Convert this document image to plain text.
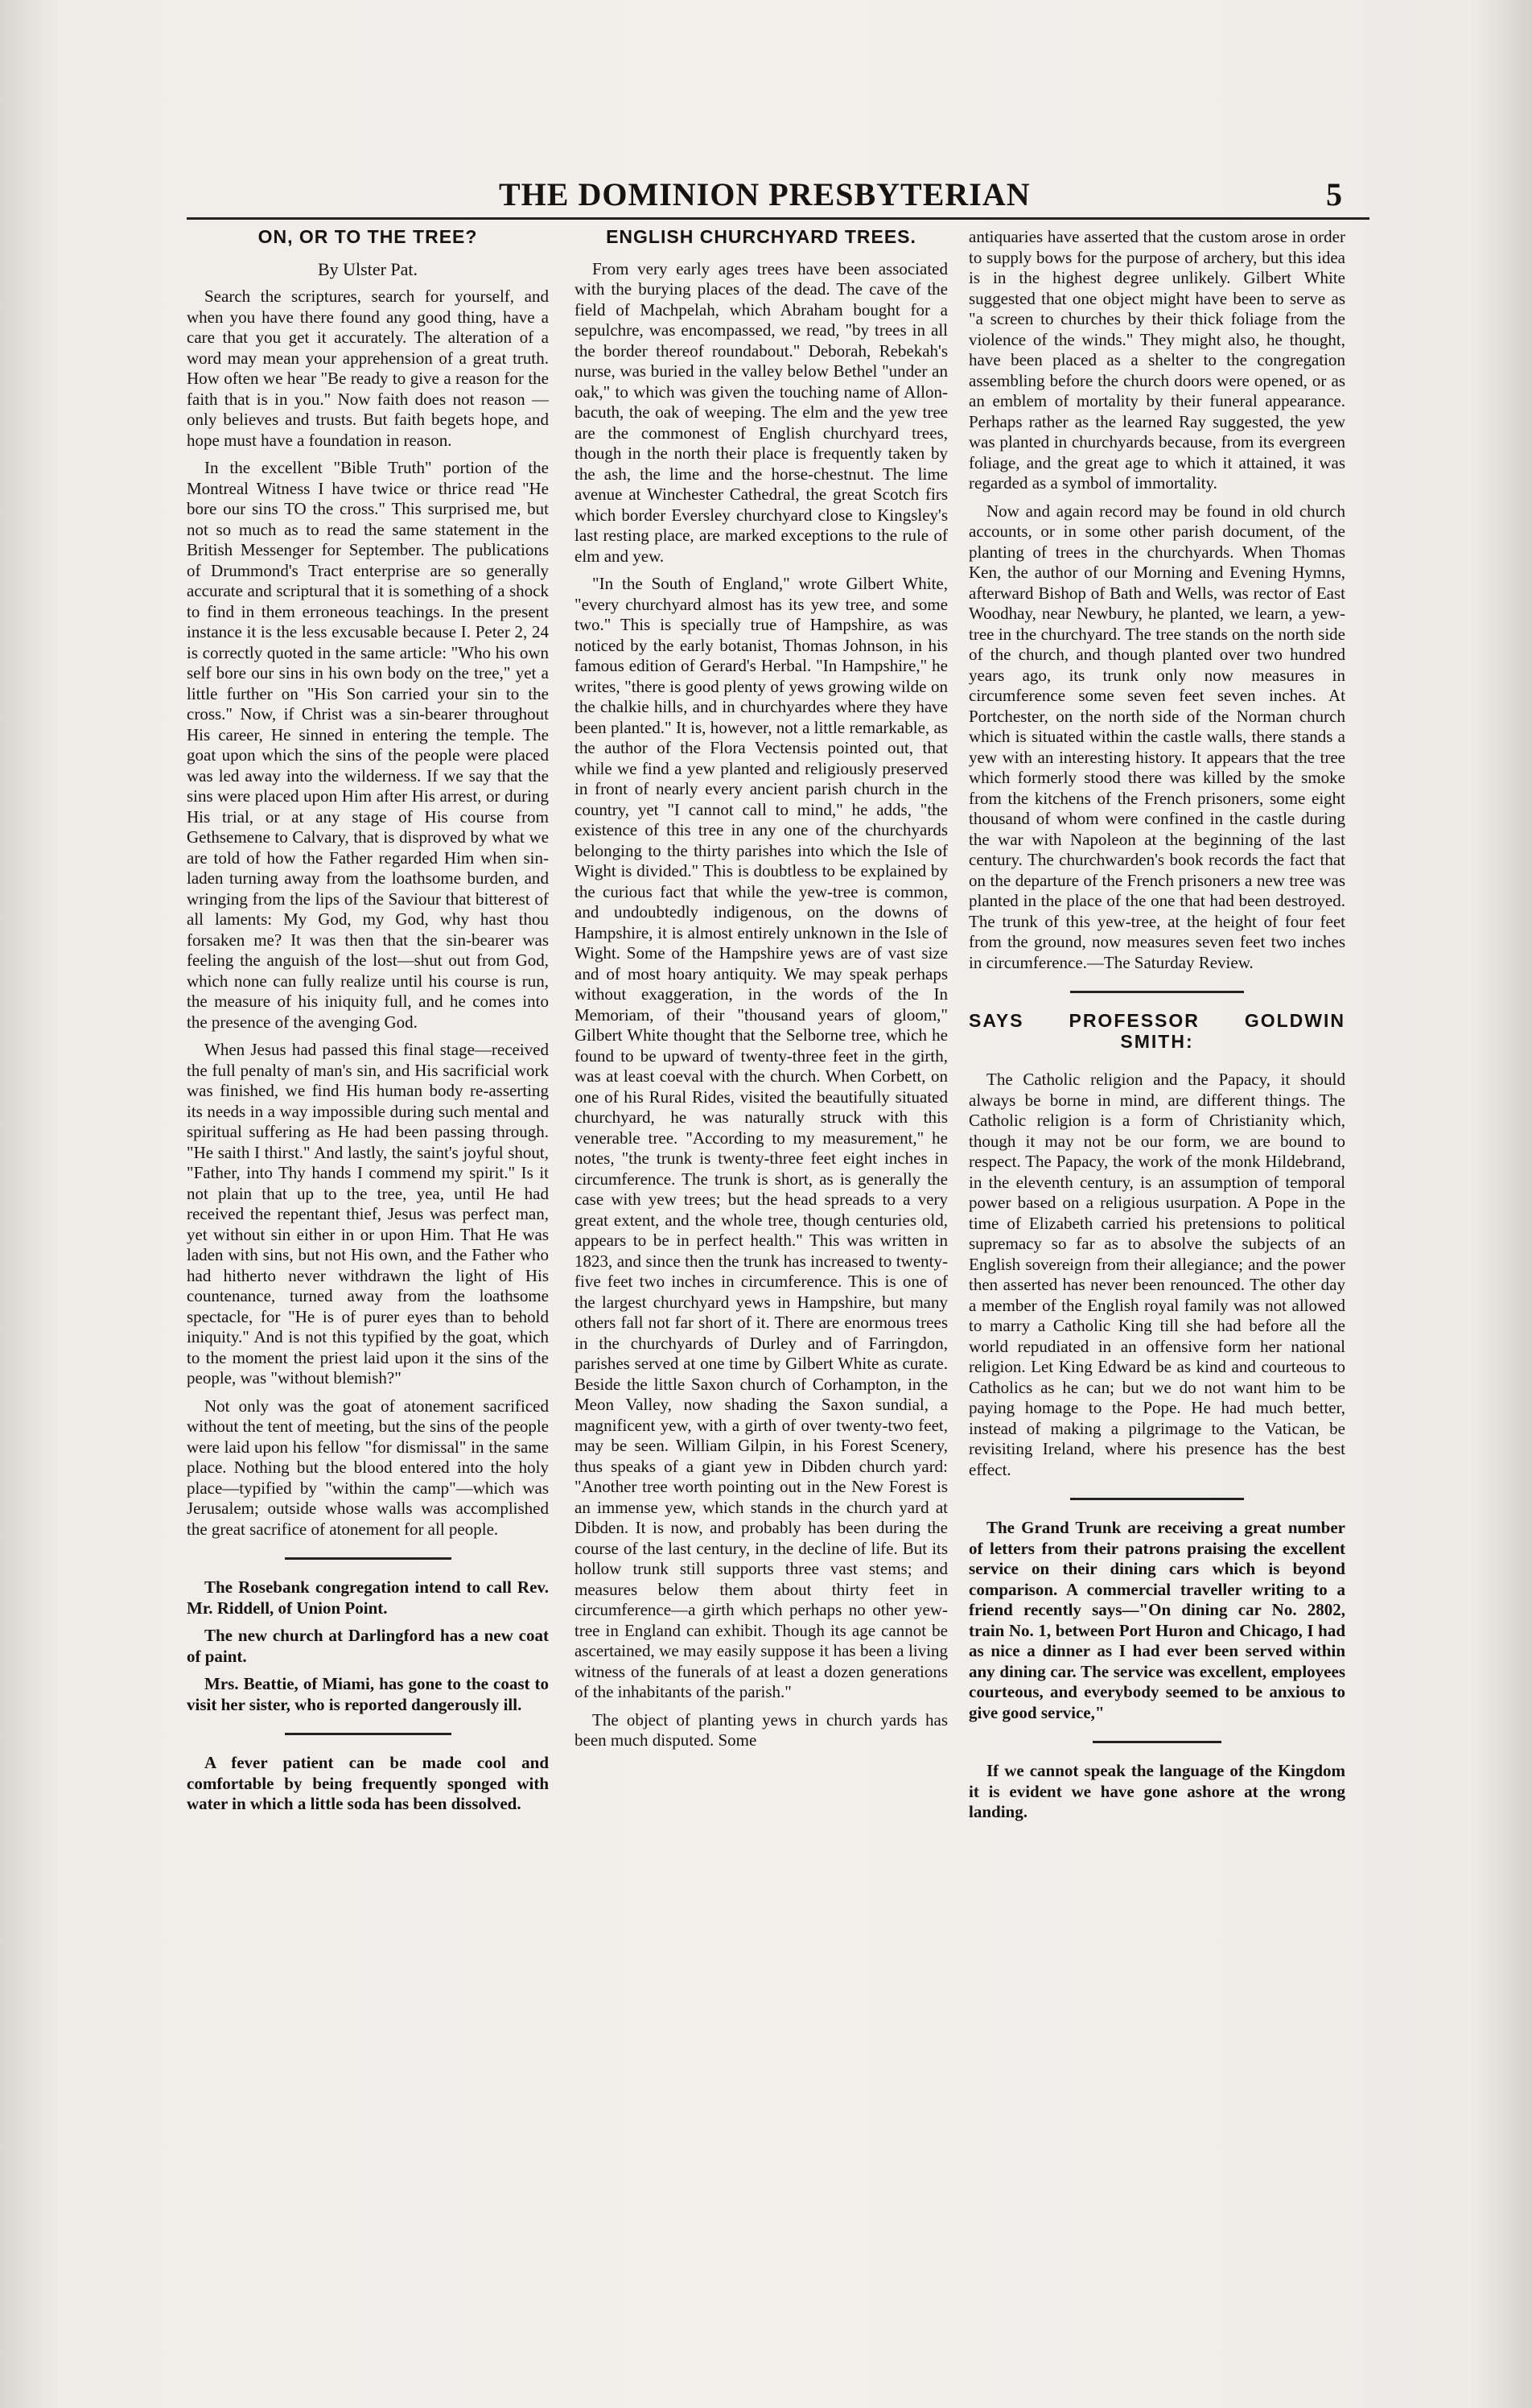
THE DOMINION PRESBYTERIAN	5
ON, OR TO THE TREE?

By Ulster Pat.

Search the scriptures, search for yourself, and when you have there found any good thing, have a care that you get it accurately. The alteration of a word may mean your apprehension of a great truth. How often we hear "Be ready to give a reason for the faith that is in you." Now faith does not reason —only believes and trusts. But faith begets hope, and hope must have a foundation in reason.

In the excellent "Bible Truth" portion of the Montreal Witness I have twice or thrice read "He bore our sins TO the cross." This surprised me, but not so much as to read the same statement in the British Messenger for September. The publications of Drummond's Tract enterprise are so generally accurate and scriptural that it is something of a shock to find in them erroneous teachings. In the present instance it is the less excusable because I. Peter 2, 24 is correctly quoted in the same article: "Who his own self bore our sins in his own body on the tree," yet a little further on "His Son carried your sin to the cross." Now, if Christ was a sin-bearer throughout His career, He sinned in entering the temple. The goat upon which the sins of the people were placed was led away into the wilderness. If we say that the sins were placed upon Him after His arrest, or during His trial, or at any stage of His course from Gethsemene to Calvary, that is disproved by what we are told of how the Father regarded Him when sin-laden turning away from the loathsome burden, and wringing from the lips of the Saviour that bitterest of all laments: My God, my God, why hast thou forsaken me? It was then that the sin-bearer was feeling the anguish of the lost—shut out from God, which none can fully realize until his course is run, the measure of his iniquity full, and he comes into the presence of the avenging God.

When Jesus had passed this final stage—received the full penalty of man's sin, and His sacrificial work was finished, we find His human body re-asserting its needs in a way impossible during such mental and spiritual suffering as He had been passing through. "He saith I thirst." And lastly, the saint's joyful shout, "Father, into Thy hands I commend my spirit." Is it not plain that up to the tree, yea, until He had received the repentant thief, Jesus was perfect man, yet without sin either in or upon Him. That He was laden with sins, but not His own, and the Father who had hitherto never withdrawn the light of His countenance, turned away from the loathsome spectacle, for "He is of purer eyes than to behold iniquity." And is not this typified by the goat, which to the moment the priest laid upon it the sins of the people, was "without blemish?"

Not only was the goat of atonement sacrificed without the tent of meeting, but the sins of the people were laid upon his fellow "for dismissal" in the same place. Nothing but the blood entered into the holy place—typified by "within the camp"—which was Jerusalem; outside whose walls was accomplished the great sacrifice of atonement for all people.

The Rosebank congregation intend to call Rev. Mr. Riddell, of Union Point.

The new church at Darlingford has a new coat of paint.

Mrs. Beattie, of Miami, has gone to the coast to visit her sister, who is reported dangerously ill.

A fever patient can be made cool and comfortable by being frequently sponged with water in which a little soda has been dissolved.

ENGLISH CHURCHYARD TREES.

From very early ages trees have been associated with the burying places of the dead. The cave of the field of Machpelah, which Abraham bought for a sepulchre, was encompassed, we read, "by trees in all the border thereof roundabout." Deborah, Rebekah's nurse, was buried in the valley below Bethel "under an oak," to which was given the touching name of Allon-bacuth, the oak of weeping. The elm and the yew tree are the commonest of English churchyard trees, though in the north their place is frequently taken by the ash, the lime and the horse-chestnut. The lime avenue at Winchester Cathedral, the great Scotch firs which border Eversley churchyard close to Kingsley's last resting place, are marked exceptions to the rule of elm and yew.

"In the South of England," wrote Gilbert White, "every churchyard almost has its yew tree, and some two." This is specially true of Hampshire, as was noticed by the early botanist, Thomas Johnson, in his famous edition of Gerard's Herbal. "In Hampshire," he writes, "there is good plenty of yews growing wilde on the chalkie hills, and in churchyardes where they have been planted." It is, however, not a little remarkable, as the author of the Flora Vectensis pointed out, that while we find a yew planted and religiously preserved in front of nearly every ancient parish church in the country, yet "I cannot call to mind," he adds, "the existence of this tree in any one of the churchyards belonging to the thirty parishes into which the Isle of Wight is divided." This is doubtless to be explained by the curious fact that while the yew-tree is common, and undoubtedly indigenous, on the downs of Hampshire, it is almost entirely unknown in the Isle of Wight. Some of the Hampshire yews are of vast size and of most hoary antiquity. We may speak perhaps without exaggeration, in the words of the In Memoriam, of their "thousand years of gloom," Gilbert White thought that the Selborne tree, which he found to be upward of twenty-three feet in the girth, was at least coeval with the church. When Corbett, on one of his Rural Rides, visited the beautifully situated churchyard, he was naturally struck with this venerable tree. "According to my measurement," he notes, "the trunk is twenty-three feet eight inches in circumference. The trunk is short, as is generally the case with yew trees; but the head spreads to a very great extent, and the whole tree, though centuries old, appears to be in perfect health." This was written in 1823, and since then the trunk has increased to twenty-five feet two inches in circumference. This is one of the largest churchyard yews in Hampshire, but many others fall not far short of it. There are enormous trees in the churchyards of Durley and of Farringdon, parishes served at one time by Gilbert White as curate. Beside the little Saxon church of Corhampton, in the Meon Valley, now shading the Saxon sundial, a magnificent yew, with a girth of over twenty-two feet, may be seen. William Gilpin, in his Forest Scenery, thus speaks of a giant yew in Dibden church yard: "Another tree worth pointing out in the New Forest is an immense yew, which stands in the church yard at Dibden. It is now, and probably has been during the course of the last century, in the decline of life. But its hollow trunk still supports three vast stems; and measures below them about thirty feet in circumference—a girth which perhaps no other yew-tree in England can exhibit. Though its age cannot be ascertained, we may easily suppose it has been a living witness of the funerals of at least a dozen generations of the inhabitants of the parish."

The object of planting yews in church yards has been much disputed. Some

antiquaries have asserted that the custom arose in order to supply bows for the purpose of archery, but this idea is in the highest degree unlikely. Gilbert White suggested that one object might have been to serve as "a screen to churches by their thick foliage from the violence of the winds." They might also, he thought, have been placed as a shelter to the congregation assembling before the church doors were opened, or as an emblem of mortality by their funeral appearance. Perhaps rather as the learned Ray suggested, the yew was planted in churchyards because, from its evergreen foliage, and the great age to which it attained, it was regarded as a symbol of immortality.

Now and again record may be found in old church accounts, or in some other parish document, of the planting of trees in the churchyards. When Thomas Ken, the author of our Morning and Evening Hymns, afterward Bishop of Bath and Wells, was rector of East Woodhay, near Newbury, he planted, we learn, a yew-tree in the churchyard. The tree stands on the north side of the church, and though planted over two hundred years ago, its trunk only now measures in circumference some seven feet seven inches. At Portchester, on the north side of the Norman church which is situated within the castle walls, there stands a yew with an interesting history. It appears that the tree which formerly stood there was killed by the smoke from the kitchens of the French prisoners, some eight thousand of whom were confined in the castle during the war with Napoleon at the beginning of the last century. The churchwarden's book records the fact that on the departure of the French prisoners a new tree was planted in the place of the one that had been destroyed. The trunk of this yew-tree, at the height of four feet from the ground, now measures seven feet two inches in circumference.—The Saturday Review.

SAYS PROFESSOR GOLDWIN SMITH:

The Catholic religion and the Papacy, it should always be borne in mind, are different things. The Catholic religion is a form of Christianity which, though it may not be our form, we are bound to respect. The Papacy, the work of the monk Hildebrand, in the eleventh century, is an assumption of temporal power based on a religious usurpation. A Pope in the time of Elizabeth carried his pretensions to political supremacy so far as to absolve the subjects of an English sovereign from their allegiance; and the power then asserted has never been renounced. The other day a member of the English royal family was not allowed to marry a Catholic King till she had before all the world repudiated in an offensive form her national religion. Let King Edward be as kind and courteous to Catholics as he can; but we do not want him to be paying homage to the Pope. He had much better, instead of making a pilgrimage to the Vatican, be revisiting Ireland, where his presence has the best effect.

The Grand Trunk are receiving a great number of letters from their patrons praising the excellent service on their dining cars which is beyond comparison. A commercial traveller writing to a friend recently says—"On dining car No. 2802, train No. 1, between Port Huron and Chicago, I had as nice a dinner as I had ever been served within any dining car. The service was excellent, employees courteous, and everybody seemed to be anxious to give good service,"

If we cannot speak the language of the Kingdom it is evident we have gone ashore at the wrong landing.
